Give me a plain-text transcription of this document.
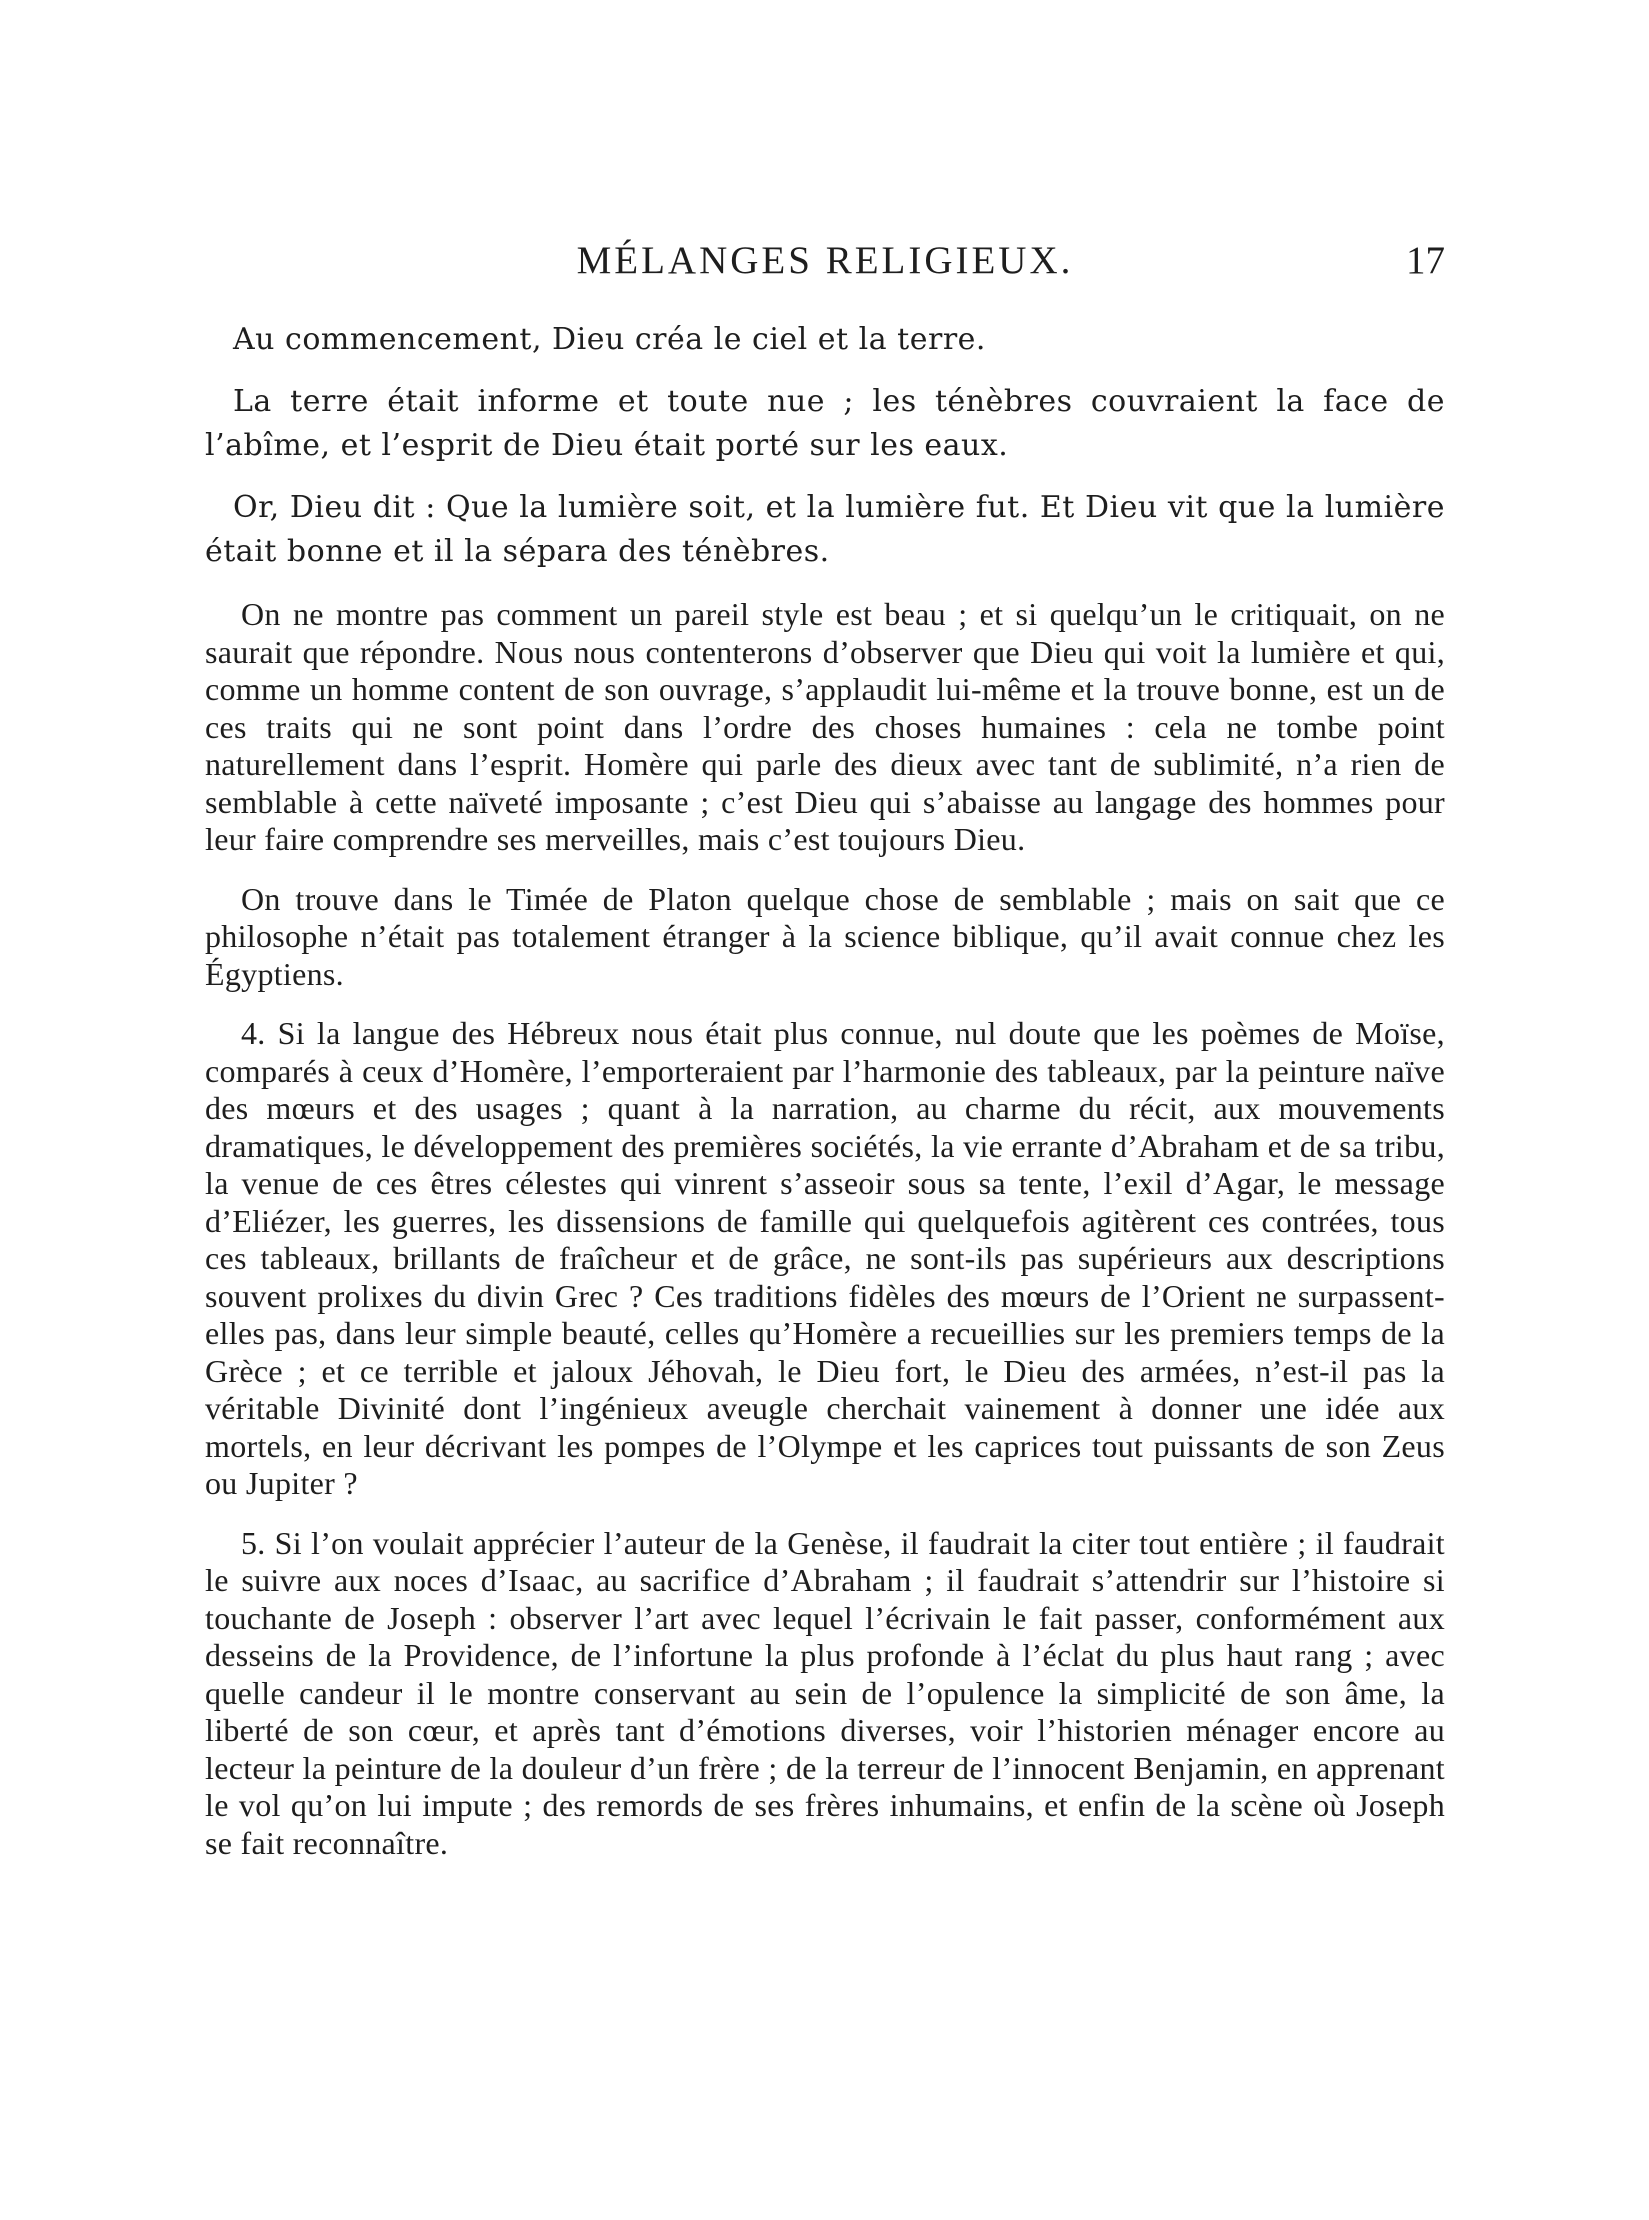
MÉLANGES RELIGIEUX.	17

Au commencement, Dieu créa le ciel et la terre.

La terre était informe et toute nue ; les ténèbres couvraient la face de l’abîme, et l’esprit de Dieu était porté sur les eaux.

Or, Dieu dit : Que la lumière soit, et la lumière fut. Et Dieu vit que la lumière était bonne et il la sépara des ténèbres.

On ne montre pas comment un pareil style est beau ; et si quelqu’un le critiquait, on ne saurait que répondre. Nous nous contenterons d’observer que Dieu qui voit la lumière et qui, comme un homme content de son ouvrage, s’applaudit lui-même et la trouve bonne, est un de ces traits qui ne sont point dans l’ordre des choses humaines : cela ne tombe point naturellement dans l’esprit. Homère qui parle des dieux avec tant de sublimité, n’a rien de semblable à cette naïveté imposante ; c’est Dieu qui s’abaisse au langage des hommes pour leur faire comprendre ses merveilles, mais c’est toujours Dieu.

On trouve dans le Timée de Platon quelque chose de semblable ; mais on sait que ce philosophe n’était pas totalement étranger à la science biblique, qu’il avait connue chez les Égyptiens.

4. Si la langue des Hébreux nous était plus connue, nul doute que les poèmes de Moïse, comparés à ceux d’Homère, l’emporteraient par l’harmonie des tableaux, par la peinture naïve des mœurs et des usages ; quant à la narration, au charme du récit, aux mouvements dramatiques, le développement des premières sociétés, la vie errante d’Abraham et de sa tribu, la venue de ces êtres célestes qui vinrent s’asseoir sous sa tente, l’exil d’Agar, le message d’Eliézer, les guerres, les dissensions de famille qui quelquefois agitèrent ces contrées, tous ces tableaux, brillants de fraîcheur et de grâce, ne sont-ils pas supérieurs aux descriptions souvent prolixes du divin Grec ? Ces traditions fidèles des mœurs de l’Orient ne surpassent-elles pas, dans leur simple beauté, celles qu’Homère a recueillies sur les premiers temps de la Grèce ; et ce terrible et jaloux Jéhovah, le Dieu fort, le Dieu des armées, n’est-il pas la véritable Divinité dont l’ingénieux aveugle cherchait vainement à donner une idée aux mortels, en leur décrivant les pompes de l’Olympe et les caprices tout puissants de son Zeus ou Jupiter ?

5. Si l’on voulait apprécier l’auteur de la Genèse, il faudrait la citer tout entière ; il faudrait le suivre aux noces d’Isaac, au sacrifice d’Abraham ; il faudrait s’attendrir sur l’histoire si touchante de Joseph : observer l’art avec lequel l’écrivain le fait passer, conformément aux desseins de la Providence, de l’infortune la plus profonde à l’éclat du plus haut rang ; avec quelle candeur il le montre conservant au sein de l’opulence la simplicité de son âme, la liberté de son cœur, et après tant d’émotions diverses, voir l’historien ménager encore au lecteur la peinture de la douleur d’un frère ; de la terreur de l’innocent Benjamin, en apprenant le vol qu’on lui impute ; des remords de ses frères inhumains, et enfin de la scène où Joseph se fait reconnaître.
